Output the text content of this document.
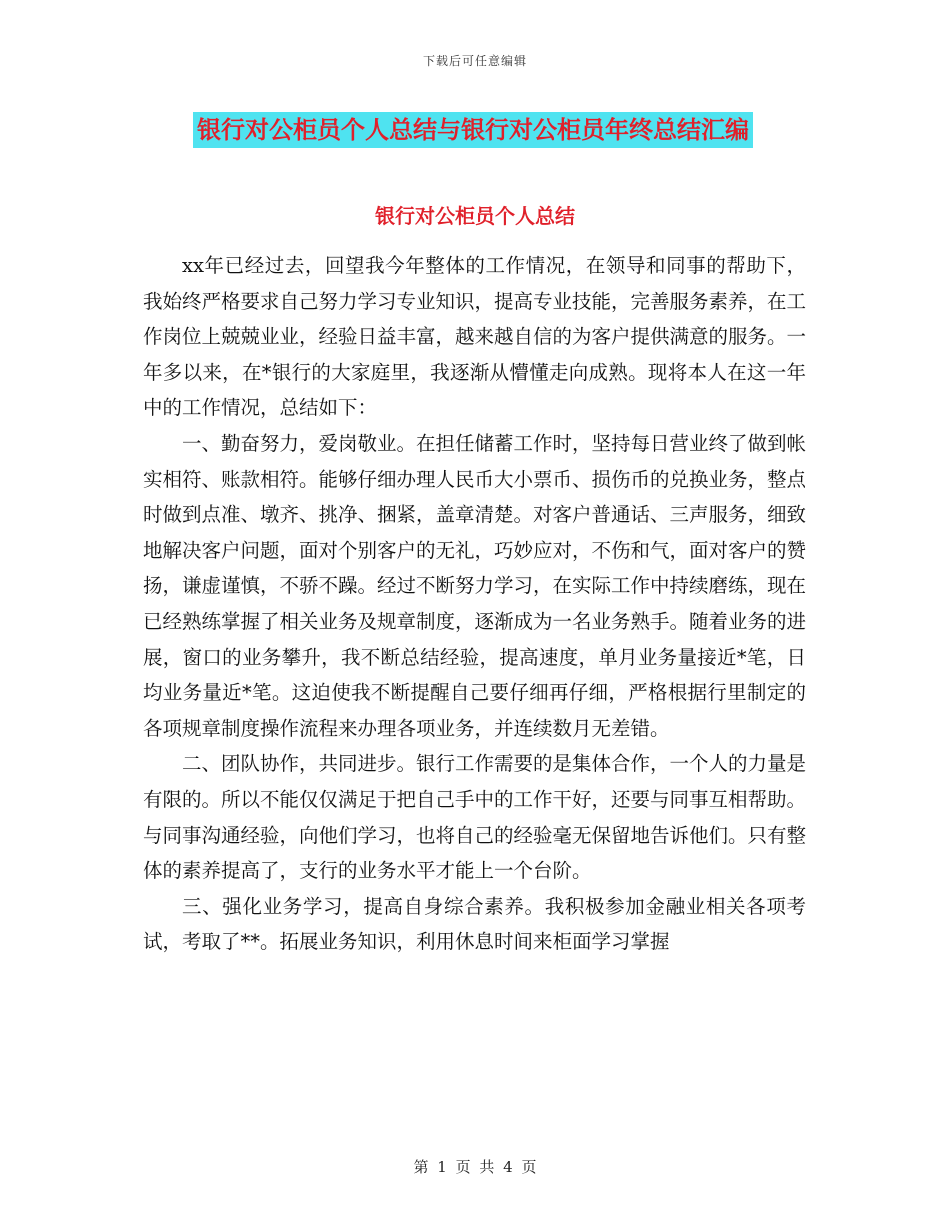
下载后可任意编辑
银行对公柜员个人总结与银行对公柜员年终总结汇编
银行对公柜员个人总结

xx年已经过去，回望我今年整体的工作情况，在领导和同事的帮助下，我始终严格要求自己努力学习专业知识，提高专业技能，完善服务素养，在工作岗位上兢兢业业，经验日益丰富，越来越自信的为客户提供满意的服务。一年多以来，在*银行的大家庭里，我逐渐从懵懂走向成熟。现将本人在这一年中的工作情况，总结如下：

一、勤奋努力，爱岗敬业。在担任储蓄工作时，坚持每日营业终了做到帐实相符、账款相符。能够仔细办理人民币大小票币、损伤币的兑换业务，整点时做到点准、墩齐、挑净、捆紧，盖章清楚。对客户普通话、三声服务，细致地解决客户问题，面对个别客户的无礼，巧妙应对，不伤和气，面对客户的赞扬，谦虚谨慎，不骄不躁。经过不断努力学习，在实际工作中持续磨练，现在已经熟练掌握了相关业务及规章制度，逐渐成为一名业务熟手。随着业务的进展，窗口的业务攀升，我不断总结经验，提高速度，单月业务量接近*笔，日均业务量近*笔。这迫使我不断提醒自己要仔细再仔细，严格根据行里制定的各项规章制度操作流程来办理各项业务，并连续数月无差错。

二、团队协作，共同进步。银行工作需要的是集体合作，一个人的力量是有限的。所以不能仅仅满足于把自己手中的工作干好，还要与同事互相帮助。与同事沟通经验，向他们学习，也将自己的经验毫无保留地告诉他们。只有整体的素养提高了，支行的业务水平才能上一个台阶。

三、强化业务学习，提高自身综合素养。我积极参加金融业相关各项考试，考取了**。拓展业务知识，利用休息时间来柜面学习掌握

第 1 页 共 4 页
